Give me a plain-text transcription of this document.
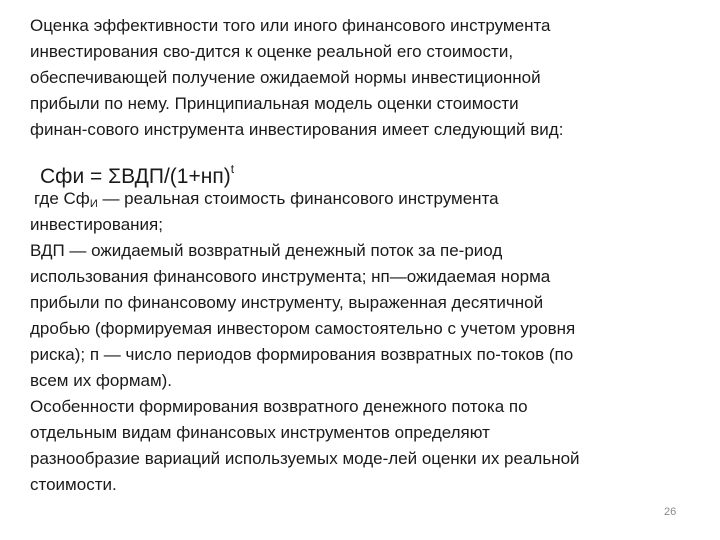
Оценка эффективности того или иного финансового инструмента
инвестирования сво-дится к оценке реальной его стоимости,
обеспечивающей получение ожидаемой нормы инвестиционной
прибыли по нему. Принципиальная модель оценки стоимости
финан-сового инструмента инвестирования имеет следующий вид:
Сфи = ΣВДП/$(1+нп)^t$
где $Сф_И$ — реальная стоимость финансового инструмента
инвестирования;
ВДП — ожидаемый возвратный денежный поток за пе-риод
использования финансового инструмента; нп—ожидаемая норма
прибыли по финансовому инструменту, выраженная десятичной
дробью (формируемая инвестором самостоятельно с учетом уровня
риска); п — число периодов формирования возвратных по-токов (по
всем их формам).
Особенности формирования возвратного денежного потока по
отдельным видам финансовых инструментов определяют
разнообразие вариаций используемых моде-лей оценки их реальной
стоимости.
26
